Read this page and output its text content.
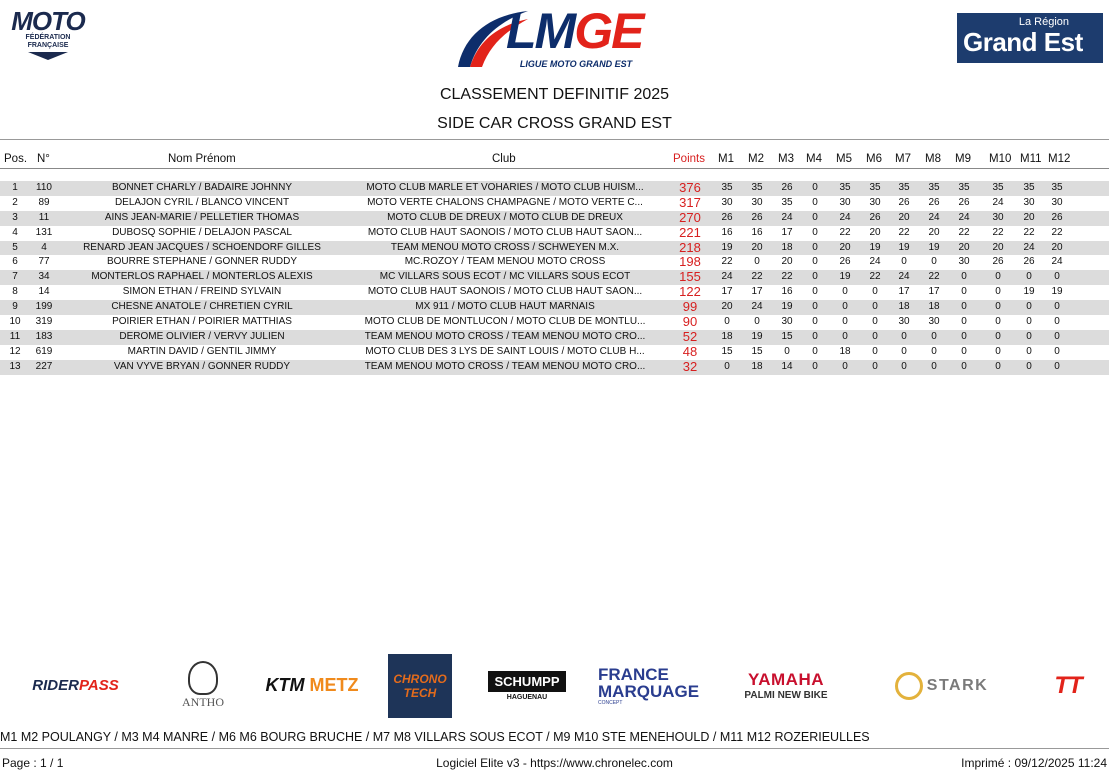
MOTO
FÉDÉRATION
FRANÇAISE	LMGE
LIGUE MOTO GRAND EST
La Région
Grand Est
CLASSEMENT DEFINITIF 2025
SIDE CAR CROSS GRAND EST
Pos. N°	Nom Prénom	Club	Points M1 M2 M3 M4 M5 M6 M7 M8 M9 M10 M11 M12
1	110	BONNET CHARLY / BADAIRE JOHNNY	MOTO CLUB MARLE ET VOHARIES / MOTO CLUB HUISM...	376	35	35	26	0	35	35	35	35	35	35	35	35
2	89	DELAJON CYRIL / BLANCO VINCENT	MOTO VERTE CHALONS CHAMPAGNE / MOTO VERTE C...	317	30	30	35	0	30	30	26	26	26	24	30	30
3	11	AINS JEAN-MARIE / PELLETIER THOMAS	MOTO CLUB DE DREUX / MOTO CLUB DE DREUX	270	26	26	24	0	24	26	20	24	24	30	20	26
4	131	DUBOSQ SOPHIE / DELAJON PASCAL	MOTO CLUB HAUT SAONOIS / MOTO CLUB HAUT SAON...	221	16	16	17	0	22	20	22	20	22	22	22	22
5	4	RENARD JEAN JACQUES / SCHOENDORF GILLES	TEAM MENOU MOTO CROSS / SCHWEYEN M.X.	218	19	20	18	0	20	19	19	19	20	20	24	20
6	77	BOURRE STEPHANE / GONNER RUDDY	MC.ROZOY / TEAM MENOU MOTO CROSS	198	22	0	20	0	26	24	0	0	30	26	26	24
7	34	MONTERLOS RAPHAEL / MONTERLOS ALEXIS	MC VILLARS SOUS ECOT / MC VILLARS SOUS ECOT	155	24	22	22	0	19	22	24	22	0	0	0	0
8	14	SIMON ETHAN / FREIND SYLVAIN	MOTO CLUB HAUT SAONOIS / MOTO CLUB HAUT SAON...	122	17	17	16	0	0	0	17	17	0	0	19	19
9	199	CHESNE ANATOLE / CHRETIEN CYRIL	MX 911 / MOTO CLUB HAUT MARNAIS	99	20	24	19	0	0	0	18	18	0	0	0	0
10	319	POIRIER ETHAN / POIRIER MATTHIAS	MOTO CLUB DE MONTLUCON / MOTO CLUB DE MONTLU...	90	0	0	30	0	0	0	30	30	0	0	0	0
11	183	DEROME OLIVIER / VERVY JULIEN	TEAM MENOU MOTO CROSS / TEAM MENOU MOTO CRO...	52	18	19	15	0	0	0	0	0	0	0	0	0
12	619	MARTIN DAVID / GENTIL JIMMY	MOTO CLUB DES 3 LYS DE SAINT LOUIS / MOTO CLUB H...	48	15	15	0	0	18	0	0	0	0	0	0	0
13	227	VAN VYVE BRYAN / GONNER RUDDY	TEAM MENOU MOTO CROSS / TEAM MENOU MOTO CRO...	32	0	18	14	0	0	0	0	0	0	0	0	0
RIDERPASS
ANTHO
KTM METZ	CHRONO TECH
SCHUMPP
HAGUENAU
FRANCE
MARQUAGE
CONCEPT
YAMAHA
PALMI NEW BIKE
STARK	TT
M1 M2 POULANGY / M3 M4 MANRE / M6 M6 BOURG BRUCHE / M7 M8 VILLARS SOUS ECOT / M9 M10 STE MENEHOULD / M11 M12 ROZERIEULLES
Page : 1 / 1	Logiciel Elite v3 - https://www.chronelec.com	Imprimé : 09/12/2025 11:24
